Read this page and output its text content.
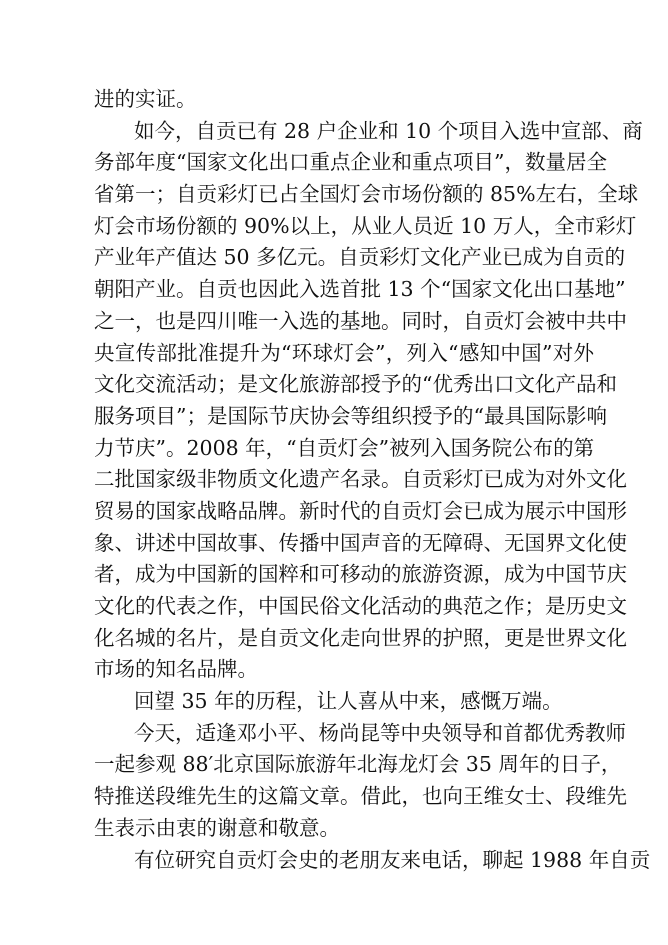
进的实证。
如今，自贡已有 28 户企业和 10 个项目入选中宣部、商
务部年度“国家文化出口重点企业和重点项目”，数量居全
省第一；自贡彩灯已占全国灯会市场份额的 85%左右，全球
灯会市场份额的 90%以上，从业人员近 10 万人，全市彩灯
产业年产值达 50 多亿元。自贡彩灯文化产业已成为自贡的
朝阳产业。自贡也因此入选首批 13 个“国家文化出口基地”
之一，也是四川唯一入选的基地。同时，自贡灯会被中共中
央宣传部批准提升为“环球灯会”，列入“感知中国”对外
文化交流活动；是文化旅游部授予的“优秀出口文化产品和
服务项目”；是国际节庆协会等组织授予的“最具国际影响
力节庆”。2008 年，“自贡灯会”被列入国务院公布的第
二批国家级非物质文化遗产名录。自贡彩灯已成为对外文化
贸易的国家战略品牌。新时代的自贡灯会已成为展示中国形
象、讲述中国故事、传播中国声音的无障碍、无国界文化使
者，成为中国新的国粹和可移动的旅游资源，成为中国节庆
文化的代表之作，中国民俗文化活动的典范之作；是历史文
化名城的名片，是自贡文化走向世界的护照，更是世界文化
市场的知名品牌。
回望 35 年的历程，让人喜从中来，感慨万端。
今天，适逢邓小平、杨尚昆等中央领导和首都优秀教师
一起参观 88′北京国际旅游年北海龙灯会 35 周年的日子，
特推送段维先生的这篇文章。借此，也向王维女士、段维先
生表示由衷的谢意和敬意。
有位研究自贡灯会史的老朋友来电话，聊起 1988 年自贡
